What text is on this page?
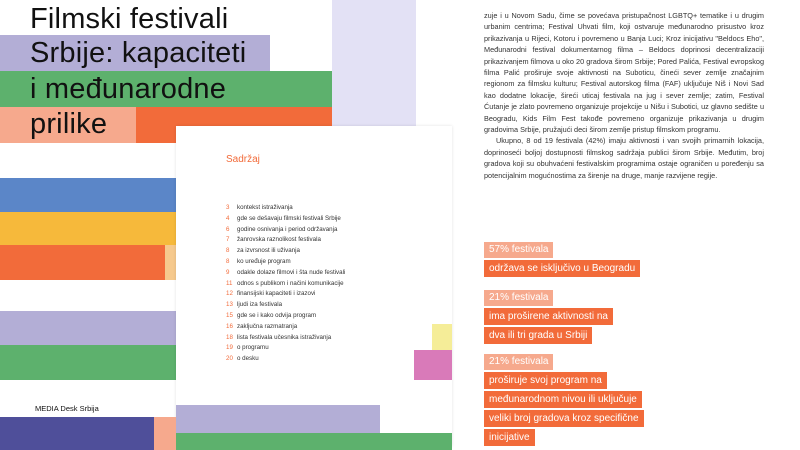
Filmski festivali
Srbije: kapaciteti
i međunarodne
prilike
Sadržaj
3 kontekst istraživanja
4 gde se dešavaju filmski festivali Srbije
6 godine osnivanja i period održavanja
7 žanrovska raznolikost festivala
8 za izvrsnost ili uživanja
8 ko uređuje program
9 odakle dolaze filmovi i šta nude festivali
11 odnos s publikom i načini komunikacije
12 finansijski kapaciteti i izazovi
13 ljudi iza festivala
15 gde se i kako odvija program
16 zaključna razmatranja
18 lista festivala učesnika istraživanja
19 o programu
20 o desku
MEDIA Desk Srbija

zuje i u Novom Sadu, čime se povećava pristupačnost LGBTQ+ tematike i u drugim urbanim centrima; Festival Uhvati film, koji ostvaruje međunarodno prisustvo kroz prikazivanja u Rijeci, Kotoru i povremeno u Banja Luci; Kroz inicijativu "Beldocs Eho", Međunarodni festival dokumentarnog filma – Beldocs doprinosi decentralizaciji prikazivanjem filmova u oko 20 gradova širom Srbije; Pored Palića, Festival evropskog filma Palić proširuje svoje aktivnosti na Suboticu, čineći sever zemlje značajnim regionom za filmsku kulturu; Festival autorskog filma (FAF) uključuje Niš i Novi Sad kao dodatne lokacije, šireći uticaj festivala na jug i sever zemlje; zatim, Festival Ćutanje je zlato povremeno organizuje projekcije u Nišu i Subotici, uz glavno sedište u Beogradu, Kids Film Fest takođe povremeno organizuje prikazivanja u drugim gradovima Srbije, pružajući deci širom zemlje pristup filmskom programu.

Ukupno, 8 od 19 festivala (42%) imaju aktivnosti i van svojih primarnih lokacija, doprinoseći boljoj dostupnosti filmskog sadržaja publici širom Srbije. Međutim, broj gradova koji su obuhvaćeni festivalskim programima ostaje ograničen u poređenju sa potencijalnim mogućnostima za širenje na druge, manje razvijene regije.

57% festivala
održava se isključivo u Beogradu
21% festivala
ima proširene aktivnosti na
dva ili tri grada u Srbiji
21% festivala
proširuje svoj program na
međunarodnom nivou ili uključuje
veliki broj gradova kroz specifične
inicijative
